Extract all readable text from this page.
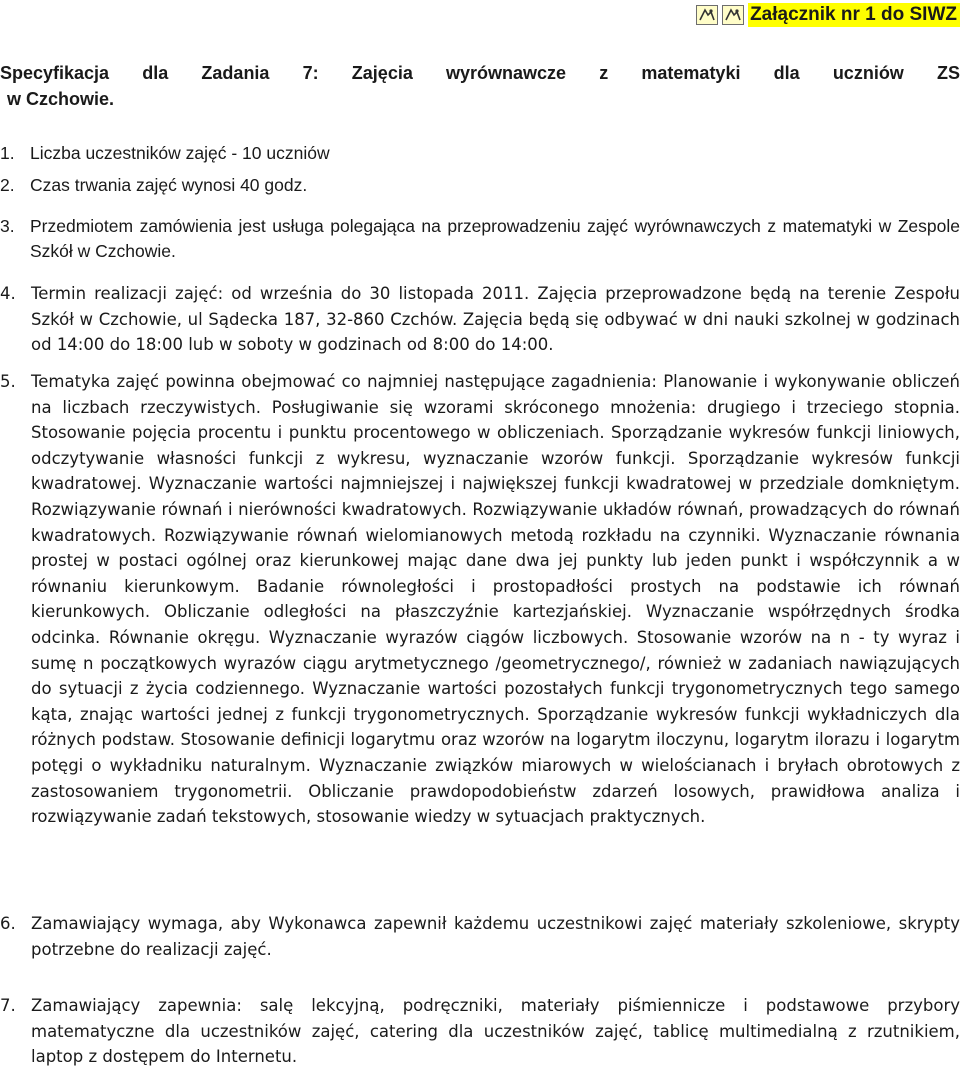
Załącznik nr 1 do SIWZ
Specyfikacja dla Zadania 7: Zajęcia wyrównawcze z matematyki dla uczniów ZS
w Czchowie.
1. Liczba uczestników zajęć - 10 uczniów
2. Czas trwania zajęć wynosi 40 godz.
3. Przedmiotem zamówienia jest usługa polegająca na przeprowadzeniu zajęć wyrównawczych z matematyki w Zespole Szkół w Czchowie.
4. Termin realizacji zajęć: od września do 30 listopada 2011. Zajęcia przeprowadzone będą na terenie Zespołu Szkół w Czchowie, ul Sądecka 187, 32-860 Czchów. Zajęcia będą się odbywać w dni nauki szkolnej w godzinach od 14:00 do 18:00 lub w soboty w godzinach od 8:00 do 14:00.
5. Tematyka zajęć powinna obejmować co najmniej następujące zagadnienia: Planowanie i wykonywanie obliczeń na liczbach rzeczywistych. Posługiwanie się wzorami skróconego mnożenia: drugiego i trzeciego stopnia. Stosowanie pojęcia procentu i punktu procentowego w obliczeniach. Sporządzanie wykresów funkcji liniowych, odczytywanie własności funkcji z wykresu, wyznaczanie wzorów funkcji. Sporządzanie wykresów funkcji kwadratowej. Wyznaczanie wartości najmniejszej i największej funkcji kwadratowej w przedziale domkniętym. Rozwiązywanie równań i nierówności kwadratowych. Rozwiązywanie układów równań, prowadzących do równań kwadratowych. Rozwiązywanie równań wielomianowych metodą rozkładu na czynniki. Wyznaczanie równania prostej w postaci ogólnej oraz kierunkowej mając dane dwa jej punkty lub jeden punkt i współczynnik a w równaniu kierunkowym. Badanie równoległości i prostopadłości prostych na podstawie ich równań kierunkowych. Obliczanie odległości na płaszczyźnie kartezjańskiej. Wyznaczanie współrzędnych środka odcinka. Równanie okręgu. Wyznaczanie wyrazów ciągów liczbowych. Stosowanie wzorów na n - ty wyraz i sumę n początkowych wyrazów ciągu arytmetycznego /geometrycznego/, również w zadaniach nawiązujących do sytuacji z życia codziennego. Wyznaczanie wartości pozostałych funkcji trygonometrycznych tego samego kąta, znając wartości jednej z funkcji trygonometrycznych. Sporządzanie wykresów funkcji wykładniczych dla różnych podstaw. Stosowanie definicji logarytmu oraz wzorów na logarytm iloczynu, logarytm ilorazu i logarytm potęgi o wykładniku naturalnym. Wyznaczanie związków miarowych w wielościanach i bryłach obrotowych z zastosowaniem trygonometrii. Obliczanie prawdopodobieństw zdarzeń losowych, prawidłowa analiza i rozwiązywanie zadań tekstowych, stosowanie wiedzy w sytuacjach praktycznych.
6. Zamawiający wymaga, aby Wykonawca zapewnił każdemu uczestnikowi zajęć materiały szkoleniowe, skrypty potrzebne do realizacji zajęć.
7. Zamawiający zapewnia: salę lekcyjną, podręczniki, materiały piśmiennicze i podstawowe przybory matematyczne dla uczestników zajęć, catering dla uczestników zajęć, tablicę multimedialną z rzutnikiem, laptop z dostępem do Internetu.
